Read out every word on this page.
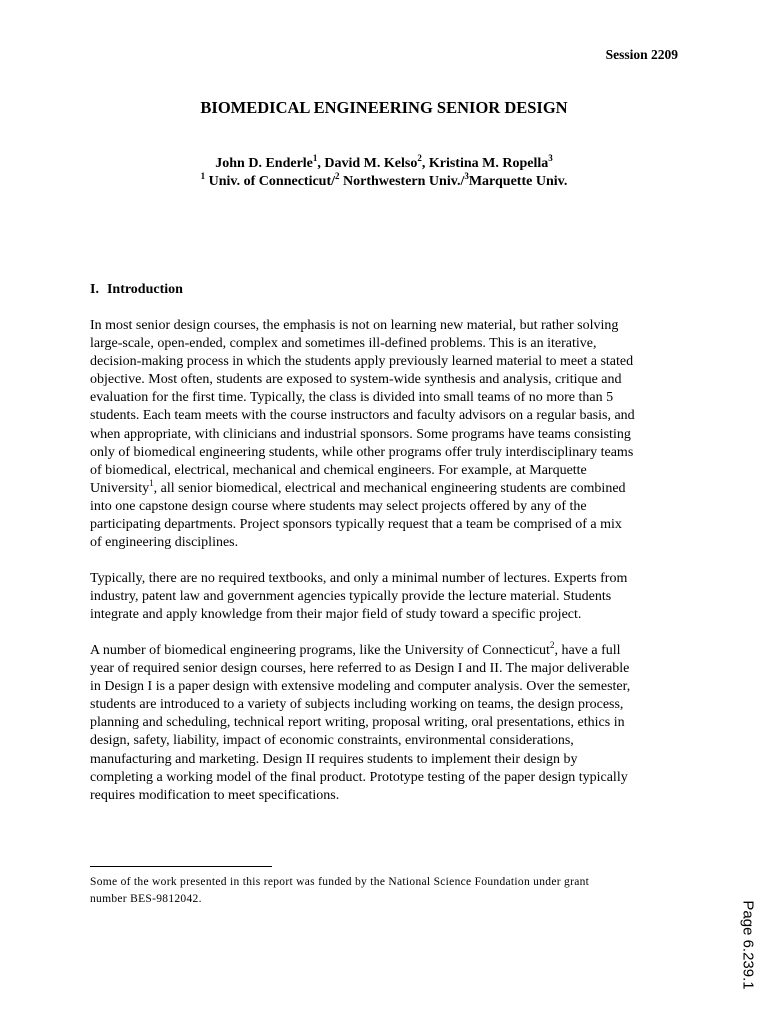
Session 2209
BIOMEDICAL ENGINEERING SENIOR DESIGN
John D. Enderle$^1$, David M. Kelso$^2$, Kristina M. Ropella$^3$
$^1$ Univ. of Connecticut/$^2$ Northwestern Univ./$^3$Marquette Univ.
I. Introduction
In most senior design courses, the emphasis is not on learning new material, but rather solving
large-scale, open-ended, complex and sometimes ill-defined problems. This is an iterative,
decision-making process in which the students apply previously learned material to meet a stated
objective. Most often, students are exposed to system-wide synthesis and analysis, critique and
evaluation for the first time. Typically, the class is divided into small teams of no more than 5
students. Each team meets with the course instructors and faculty advisors on a regular basis, and
when appropriate, with clinicians and industrial sponsors. Some programs have teams consisting
only of biomedical engineering students, while other programs offer truly interdisciplinary teams
of biomedical, electrical, mechanical and chemical engineers. For example, at Marquette
University$^1$, all senior biomedical, electrical and mechanical engineering students are combined
into one capstone design course where students may select projects offered by any of the
participating departments. Project sponsors typically request that a team be comprised of a mix
of engineering disciplines.
Typically, there are no required textbooks, and only a minimal number of lectures. Experts from
industry, patent law and government agencies typically provide the lecture material. Students
integrate and apply knowledge from their major field of study toward a specific project.
A number of biomedical engineering programs, like the University of Connecticut$^2$, have a full
year of required senior design courses, here referred to as Design I and II. The major deliverable
in Design I is a paper design with extensive modeling and computer analysis. Over the semester,
students are introduced to a variety of subjects including working on teams, the design process,
planning and scheduling, technical report writing, proposal writing, oral presentations, ethics in
design, safety, liability, impact of economic constraints, environmental considerations,
manufacturing and marketing. Design II requires students to implement their design by
completing a working model of the final product. Prototype testing of the paper design typically
requires modification to meet specifications.
Some of the work presented in this report was funded by the National Science Foundation under grant
number BES-9812042.
Page 6.239.1
